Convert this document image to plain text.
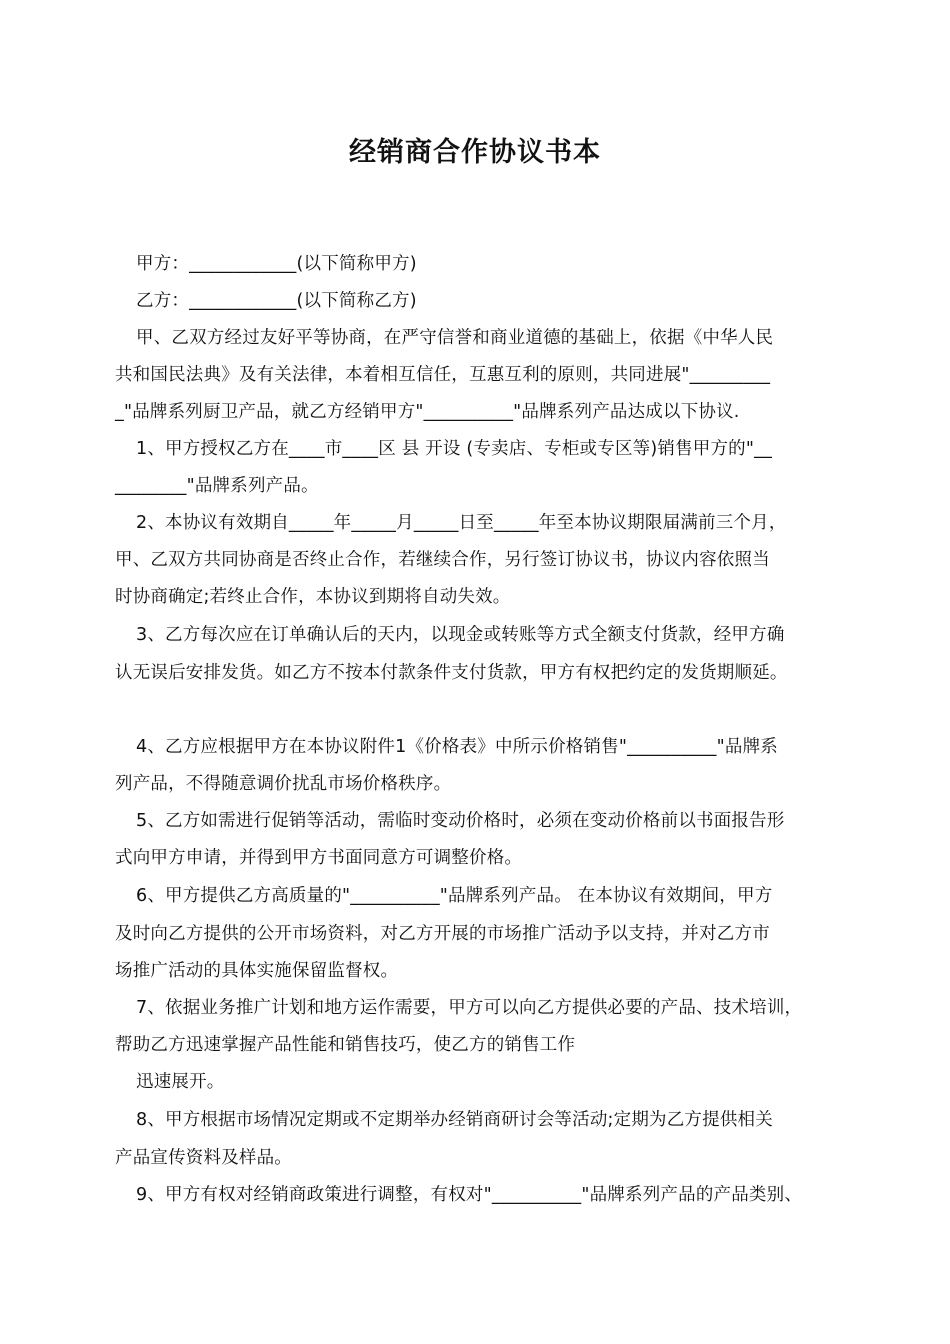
经销商合作协议书本
甲方：____________(以下简称甲方)
乙方：____________(以下简称乙方)
甲、乙双方经过友好平等协商，在严守信誉和商业道德的基础上，依据《中华人民
共和国民法典》及有关法律，本着相互信任，互惠互利的原则，共同进展"_________
_"品牌系列厨卫产品，就乙方经销甲方"__________"品牌系列产品达成以下协议.
1、甲方授权乙方在____市____区 县 开设 (专卖店、专柜或专区等)销售甲方的"__
________"品牌系列产品。
2、本协议有效期自_____年_____月_____日至_____年至本协议期限届满前三个月，
甲、乙双方共同协商是否终止合作，若继续合作，另行签订协议书，协议内容依照当
时协商确定;若终止合作，本协议到期将自动失效。
3、乙方每次应在订单确认后的天内，以现金或转账等方式全额支付货款，经甲方确
认无误后安排发货。如乙方不按本付款条件支付货款，甲方有权把约定的发货期顺延。
4、乙方应根据甲方在本协议附件1《价格表》中所示价格销售"__________"品牌系
列产品，不得随意调价扰乱市场价格秩序。
5、乙方如需进行促销等活动，需临时变动价格时，必须在变动价格前以书面报告形
式向甲方申请，并得到甲方书面同意方可调整价格。
6、甲方提供乙方高质量的"__________"品牌系列产品。 在本协议有效期间，甲方
及时向乙方提供的公开市场资料，对乙方开展的市场推广活动予以支持，并对乙方市
场推广活动的具体实施保留监督权。
7、依据业务推广计划和地方运作需要，甲方可以向乙方提供必要的产品、技术培训，
帮助乙方迅速掌握产品性能和销售技巧，使乙方的销售工作
迅速展开。
8、甲方根据市场情况定期或不定期举办经销商研讨会等活动;定期为乙方提供相关
产品宣传资料及样品。
9、甲方有权对经销商政策进行调整，有权对"__________"品牌系列产品的产品类别、
